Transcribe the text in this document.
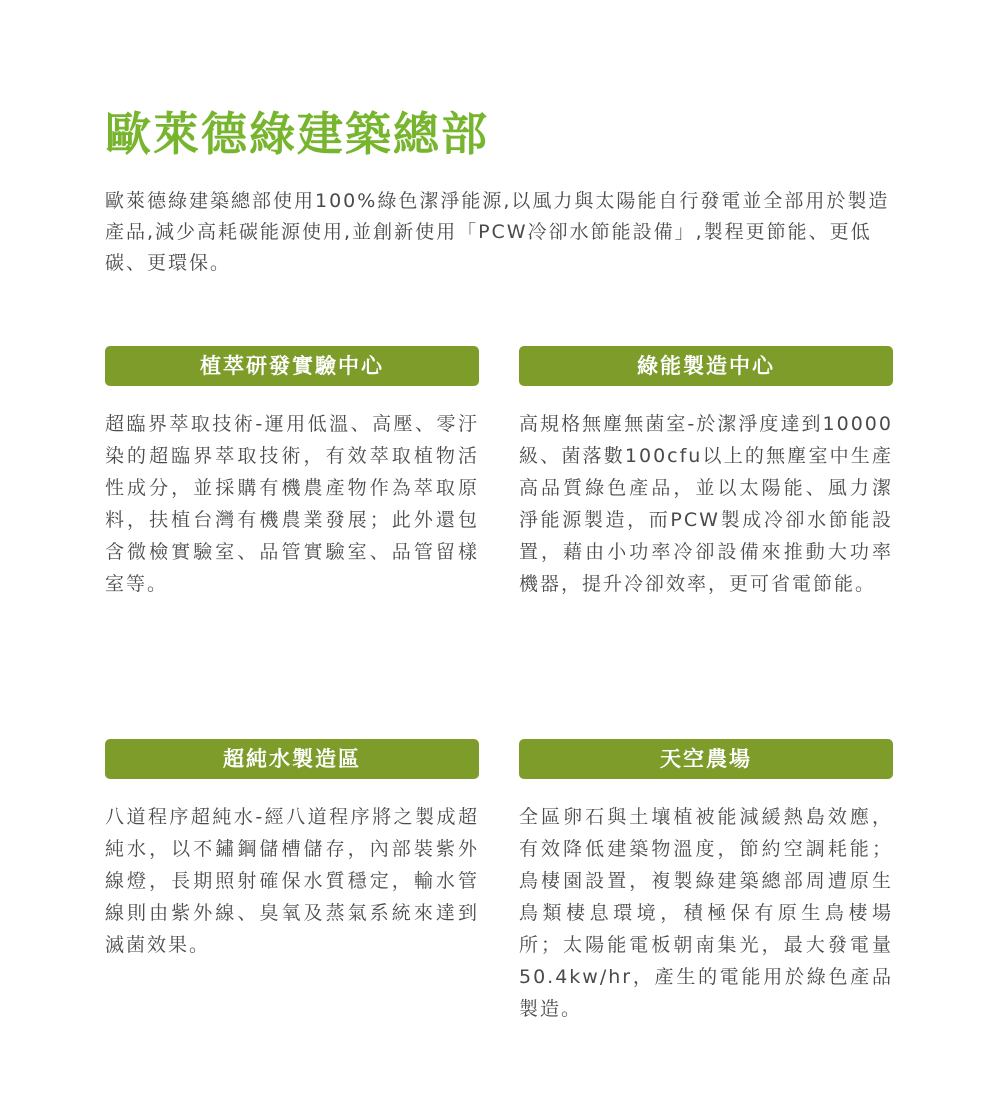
歐萊德綠建築總部

歐萊德綠建築總部使用100%綠色潔淨能源,以風力與太陽能自行發電並全部用於製造產品,減少高耗碳能源使用,並創新使用「PCW冷卻水節能設備」,製程更節能、更低碳、更環保。

植萃研發實驗中心

超臨界萃取技術-運用低溫、高壓、零汙染的超臨界萃取技術，有效萃取植物活性成分，並採購有機農產物作為萃取原料，扶植台灣有機農業發展；此外還包含微檢實驗室、品管實驗室、品管留樣室等。

綠能製造中心

高規格無塵無菌室-於潔淨度達到10000級、菌落數100cfu以上的無塵室中生產高品質綠色產品，並以太陽能、風力潔淨能源製造，而PCW製成冷卻水節能設置，藉由小功率冷卻設備來推動大功率機器，提升冷卻效率，更可省電節能。

超純水製造區

八道程序超純水-經八道程序將之製成超純水，以不鏽鋼儲槽儲存，內部裝紫外線燈，長期照射確保水質穩定，輸水管線則由紫外線、臭氧及蒸氣系統來達到滅菌效果。

天空農場

全區卵石與土壤植被能減緩熱島效應，有效降低建築物溫度，節約空調耗能；鳥棲園設置，複製綠建築總部周遭原生鳥類棲息環境，積極保有原生鳥棲場所；太陽能電板朝南集光，最大發電量50.4kw/hr，產生的電能用於綠色產品製造。
